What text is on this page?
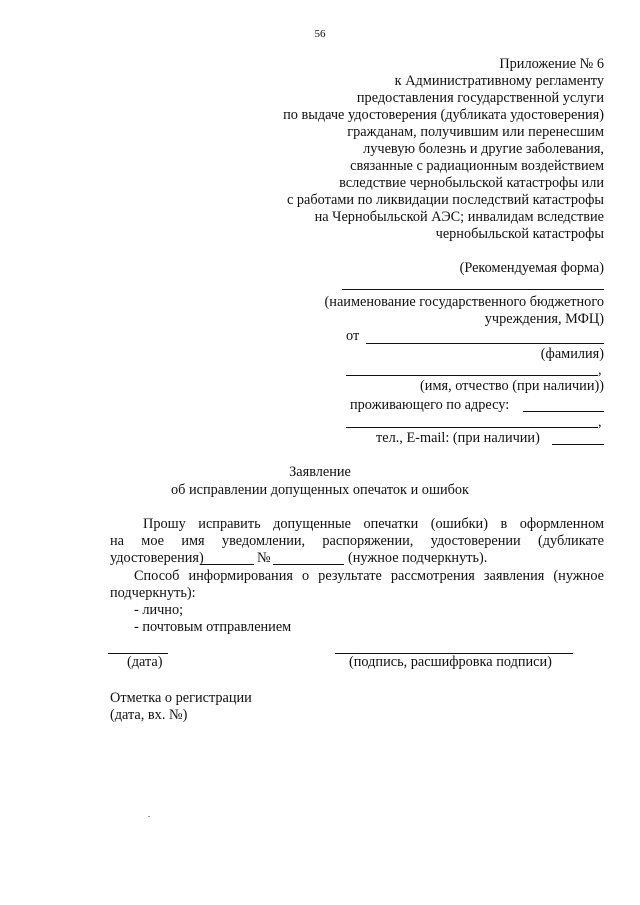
56
Приложение № 6
к Административному регламенту
предоставления государственной услуги
по выдаче удостоверения (дубликата удостоверения)
гражданам, получившим или перенесшим
лучевую болезнь и другие заболевания,
связанные с радиационным воздействием
вследствие чернобыльской катастрофы или
с работами по ликвидации последствий катастрофы
на Чернобыльской АЭС; инвалидам вследствие
чернобыльской катастрофы
(Рекомендуемая форма)
(наименование государственного бюджетного
учреждения, МФЦ)
от
(фамилия)
,
(имя, отчество (при наличии))
проживающего по адресу:
,
тел., E-mail: (при наличии)
Заявление
об исправлении допущенных опечаток и ошибок
Прошу исправить допущенные опечатки (ошибки) в оформленном
на мое имя уведомлении, распоряжении, удостоверении (дубликате
удостоверения)	№	(нужное подчеркнуть).
Способ информирования о результате рассмотрения заявления (нужное
подчеркнуть):
- лично;
- почтовым отправлением
(дата)	(подпись, расшифровка подписи)
Отметка о регистрации
(дата, вх. №)
